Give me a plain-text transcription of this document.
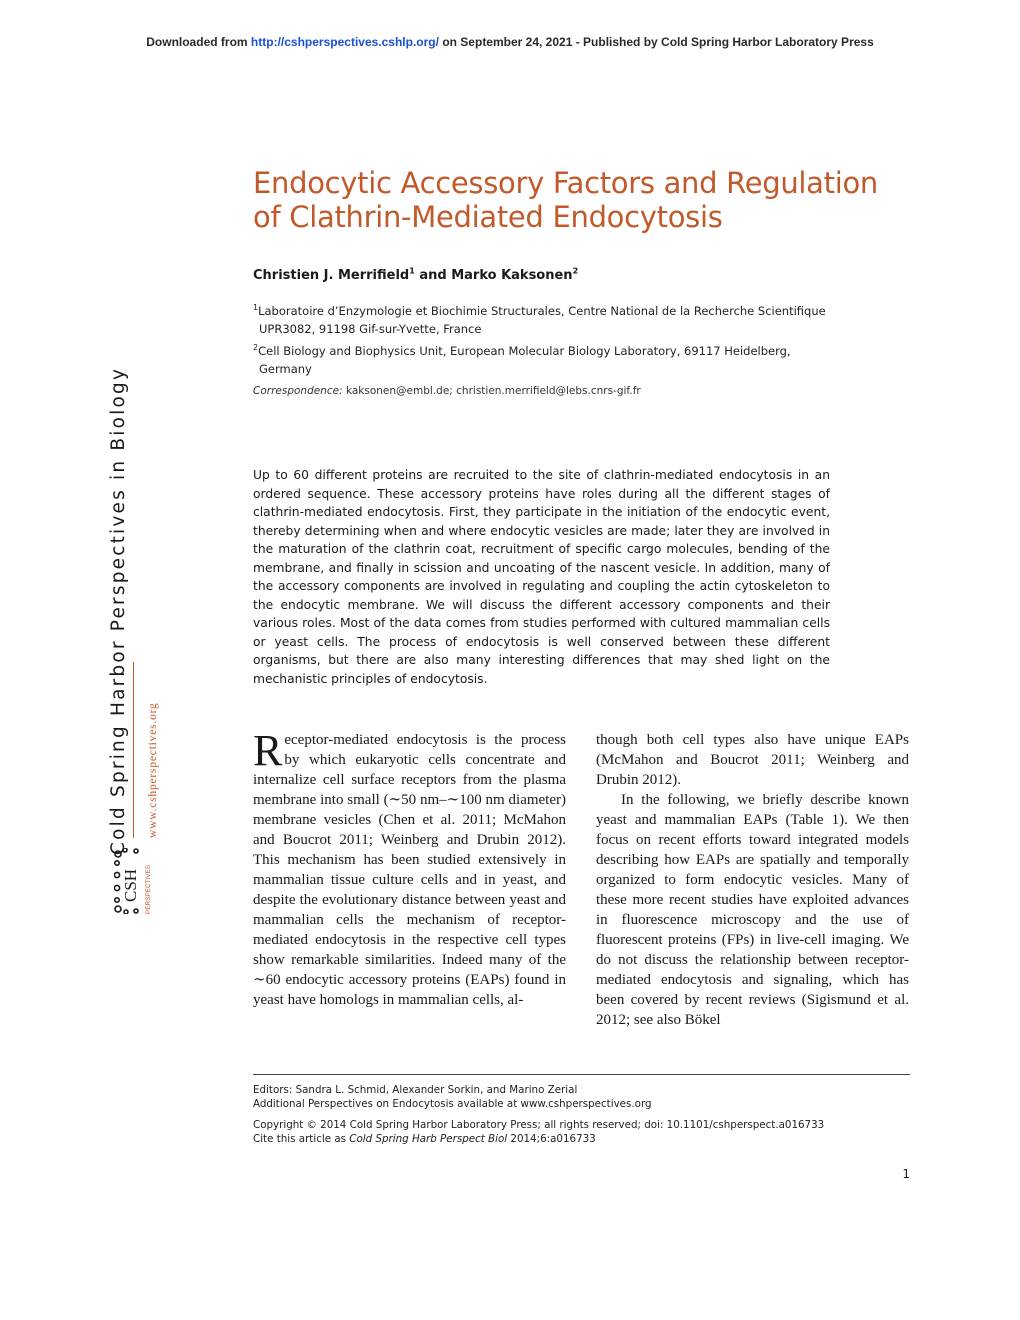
Downloaded from http://cshperspectives.cshlp.org/ on September 24, 2021 - Published by Cold Spring Harbor Laboratory Press
Endocytic Accessory Factors and Regulation
of Clathrin-Mediated Endocytosis
Christien J. Merrifield$^1$ and Marko Kaksonen$^2$
$^1$Laboratoire d’Enzymologie et Biochimie Structurales, Centre National de la Recherche Scientifique
UPR3082, 91198 Gif-sur-Yvette, France
$^2$Cell Biology and Biophysics Unit, European Molecular Biology Laboratory, 69117 Heidelberg,
Germany
Correspondence: kaksonen@embl.de; christien.merrifield@lebs.cnrs-gif.fr
Cold Spring Harbor Perspectives in Biology www.cshperspectives.org
CSH PERSPECTIVES
Up to 60 different proteins are recruited to the site of clathrin-mediated endocytosis in an ordered sequence. These accessory proteins have roles during all the different stages of clathrin-mediated endocytosis. First, they participate in the initiation of the endocytic event, thereby determining when and where endocytic vesicles are made; later they are involved in the maturation of the clathrin coat, recruitment of specific cargo molecules, bending of the membrane, and finally in scission and uncoating of the nascent vesicle. In addition, many of the accessory components are involved in regulating and coupling the actin cytoskeleton to the endocytic membrane. We will discuss the different accessory components and their various roles. Most of the data comes from studies performed with cultured mammalian cells or yeast cells. The process of endocytosis is well conserved between these different organisms, but there are also many interesting differences that may shed light on the mechanistic principles of endocytosis.
Receptor-mediated endocytosis is the process by which eukaryotic cells concentrate and internalize cell surface receptors from the plasma membrane into small (∼50 nm–∼100 nm diameter) membrane vesicles (Chen et al. 2011; McMahon and Boucrot 2011; Weinberg and Drubin 2012). This mechanism has been studied extensively in mammalian tissue culture cells and in yeast, and despite the evolutionary distance between yeast and mammalian cells the mechanism of receptor-mediated endocytosis in the respective cell types show remarkable similarities. Indeed many of the ∼60 endocytic accessory proteins (EAPs) found in yeast have homologs in mammalian cells, al-
though both cell types also have unique EAPs (McMahon and Boucrot 2011; Weinberg and Drubin 2012).
In the following, we briefly describe known yeast and mammalian EAPs (Table 1). We then focus on recent efforts toward integrated models describing how EAPs are spatially and temporally organized to form endocytic vesicles. Many of these more recent studies have exploited advances in fluorescence microscopy and the use of fluorescent proteins (FPs) in live-cell imaging. We do not discuss the relationship between receptor-mediated endocytosis and signaling, which has been covered by recent reviews (Sigismund et al. 2012; see also Bökel
Editors: Sandra L. Schmid, Alexander Sorkin, and Marino Zerial
Additional Perspectives on Endocytosis available at www.cshperspectives.org
Copyright © 2014 Cold Spring Harbor Laboratory Press; all rights reserved; doi: 10.1101/cshperspect.a016733
Cite this article as Cold Spring Harb Perspect Biol 2014;6:a016733
1
